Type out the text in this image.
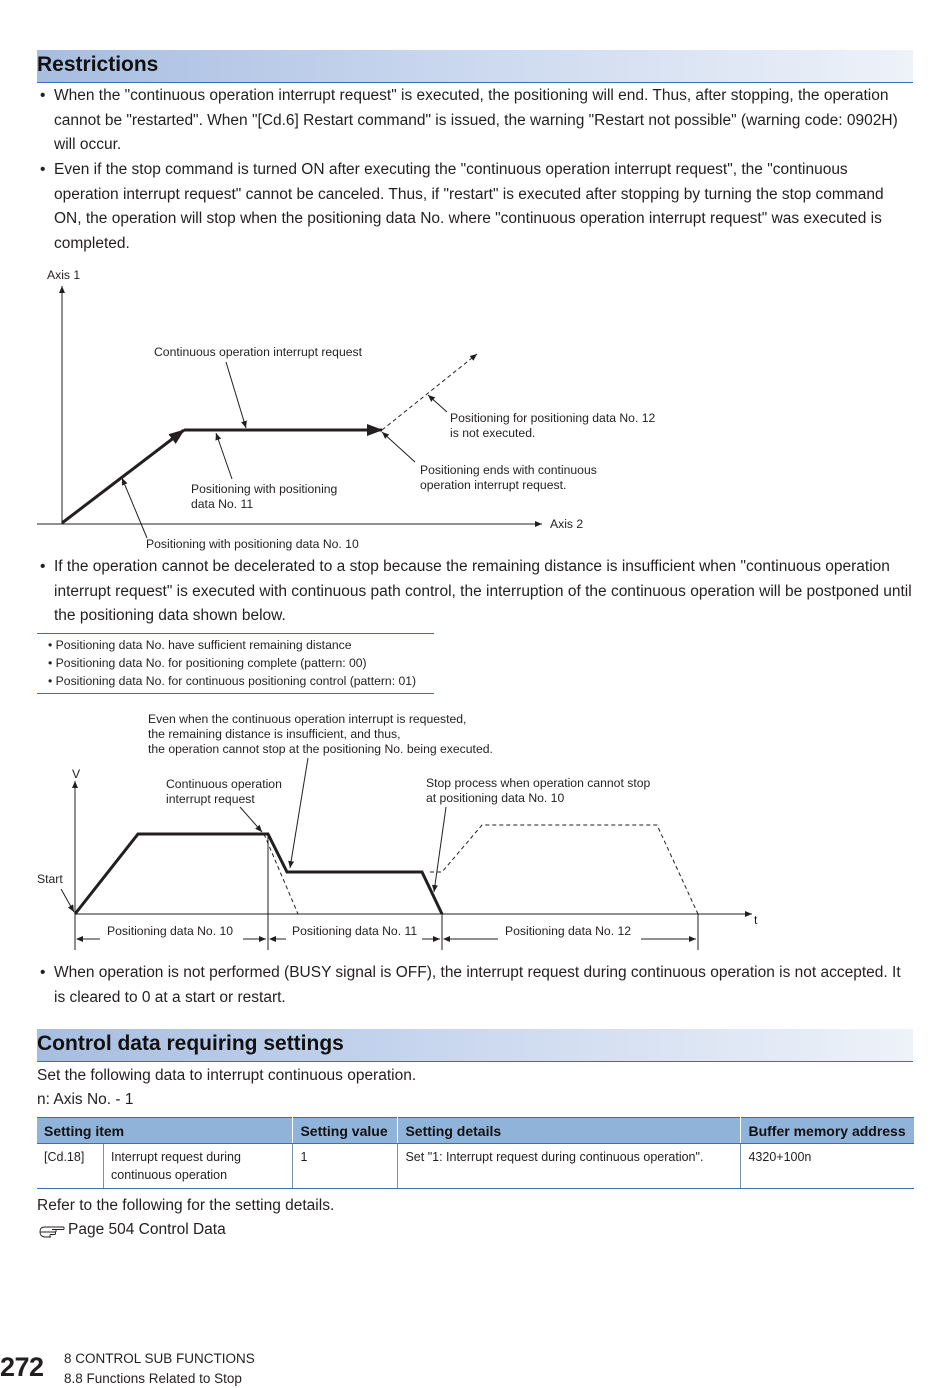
Restrictions
• When the "continuous operation interrupt request" is executed, the positioning will end. Thus, after stopping, the operation cannot be "restarted". When "[Cd.6] Restart command" is issued, the warning "Restart not possible" (warning code: 0902H) will occur.
• Even if the stop command is turned ON after executing the "continuous operation interrupt request", the "continuous operation interrupt request" cannot be canceled. Thus, if "restart" is executed after stopping by turning the stop command ON, the operation will stop when the positioning data No. where "continuous operation interrupt request" was executed is completed.
Axis 1
Axis 2
Continuous operation interrupt request
Positioning for positioning data No. 12
is not executed.
Positioning ends with continuous
operation interrupt request.
Positioning with positioning
data No. 11
Positioning with positioning data No. 10
• If the operation cannot be decelerated to a stop because the remaining distance is insufficient when "continuous operation interrupt request" is executed with continuous path control, the interruption of the continuous operation will be postponed until the positioning data shown below.
• Positioning data No. have sufficient remaining distance
• Positioning data No. for positioning complete (pattern: 00)
• Positioning data No. for continuous positioning control (pattern: 01)
Even when the continuous operation interrupt is requested,
the remaining distance is insufficient, and thus,
the operation cannot stop at the positioning No. being executed.
V
t
Start
Continuous operation
interrupt request
Stop process when operation cannot stop
at positioning data No. 10
Positioning data No. 10	Positioning data No. 11	Positioning data No. 12
• When operation is not performed (BUSY signal is OFF), the interrupt request during continuous operation is not accepted. It is cleared to 0 at a start or restart.
Control data requiring settings
Set the following data to interrupt continuous operation.
n: Axis No. - 1
Setting item		Setting value	Setting details	Buffer memory address
[Cd.18]	Interrupt request during
continuous operation	1	Set "1: Interrupt request during continuous operation".	4320+100n
Refer to the following for the setting details.
Page 504 Control Data
272 8 CONTROL SUB FUNCTIONS
8.8 Functions Related to Stop
